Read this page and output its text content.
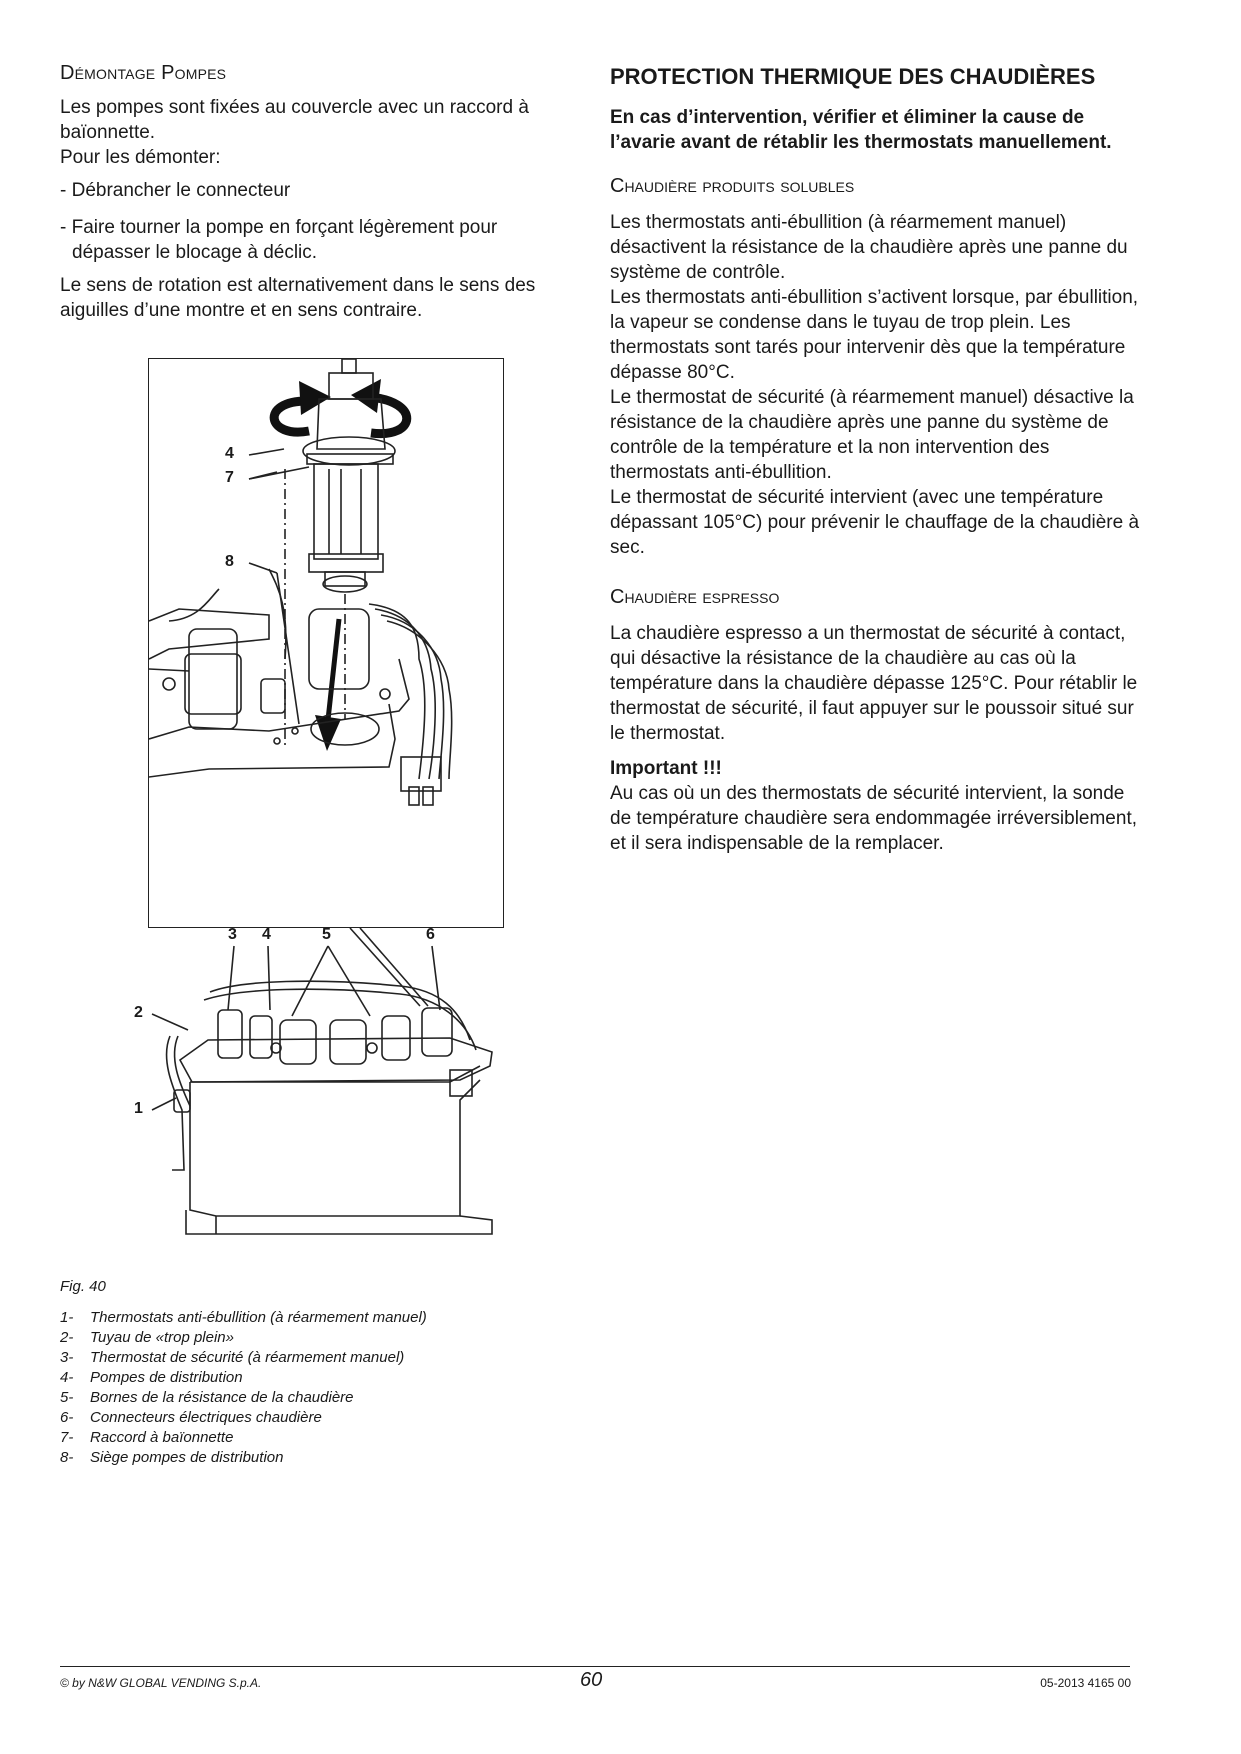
Démontage Pompes

Les pompes sont fixées au couvercle avec un raccord à baïonnette.

Pour les démonter:

- Débrancher le connecteur

- Faire tourner la pompe en forçant légèrement pour

dépasser le blocage à déclic.

Le sens de rotation est alternativement dans le sens des aiguilles d’une montre et en sens contraire.

4
7
8
3 4	5	6
2
1
Fig. 40
1-	Thermostats anti-ébullition (à réarmement manuel)
2-	Tuyau de «trop plein»
3-	Thermostat de sécurité (à réarmement manuel)
4-	Pompes de distribution
5-	Bornes de la résistance de la chaudière
6-	Connecteurs électriques chaudière
7-	Raccord à baïonnette
8-	Siège pompes de distribution
PROTECTION THERMIQUE DES CHAUDIÈRES

En cas d’intervention, vérifier et éliminer la cause de l’avarie avant de rétablir les thermostats manuellement.

Chaudière produits solubles

Les thermostats anti-ébullition (à réarmement manuel) désactivent la résistance de la chaudière après une panne du système de contrôle.

Les thermostats anti-ébullition s’activent lorsque, par ébullition, la vapeur se condense dans le tuyau de trop plein. Les thermostats sont tarés pour intervenir dès que la température dépasse 80°C.

Le thermostat de sécurité (à réarmement manuel) désactive la résistance de la chaudière après une panne du système de contrôle de la température et la non intervention des thermostats anti-ébullition.

Le thermostat de sécurité intervient (avec une température dépassant 105°C) pour prévenir le chauffage de la chaudière à sec.

Chaudière espresso

La chaudière espresso a un thermostat de sécurité à contact, qui désactive la résistance de la chaudière au cas où la température dans la chaudière dépasse 125°C. Pour rétablir le thermostat de sécurité, il faut appuyer sur le poussoir situé sur le thermostat.

Important !!!

Au cas où un des thermostats de sécurité intervient, la sonde de température chaudière sera endommagée irréversiblement, et il sera indispensable de la remplacer.

© by N&W GLOBAL VENDING S.p.A.	60	05-2013 4165 00
